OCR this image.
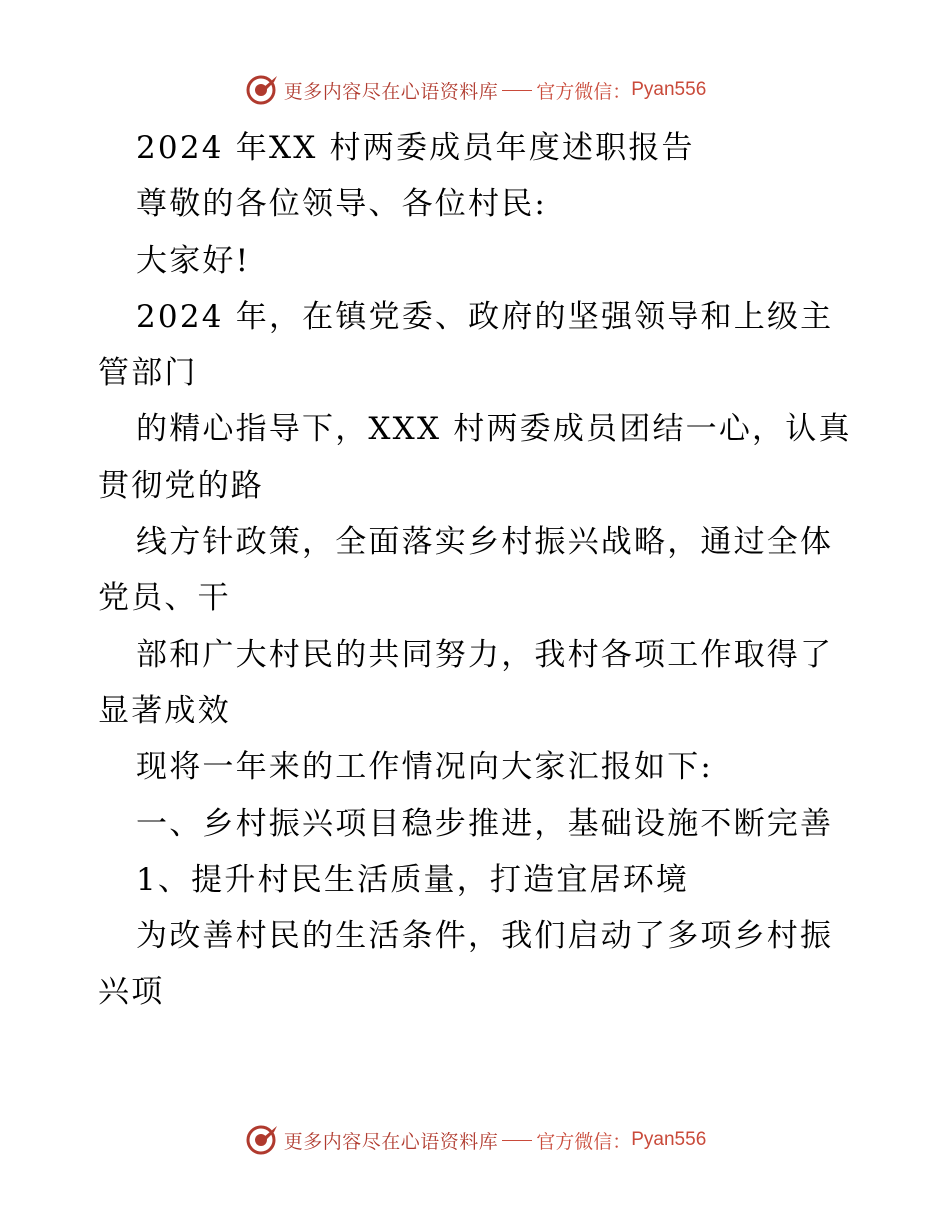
更多内容尽在心语资料库 官方微信： Pyan556
2024 年XX 村两委成员年度述职报告
尊敬的各位领导、各位村民:
大家好!
2024 年，在镇党委、政府的坚强领导和上级主
管部门
的精心指导下，XXX 村两委成员团结一心，认真
贯彻党的路
线方针政策，全面落实乡村振兴战略，通过全体
党员、干
部和广大村民的共同努力，我村各项工作取得了
显著成效
现将一年来的工作情况向大家汇报如下:
一、乡村振兴项目稳步推进，基础设施不断完善
1、提升村民生活质量，打造宜居环境
为改善村民的生活条件，我们启动了多项乡村振
兴项
更多内容尽在心语资料库 官方微信： Pyan556
